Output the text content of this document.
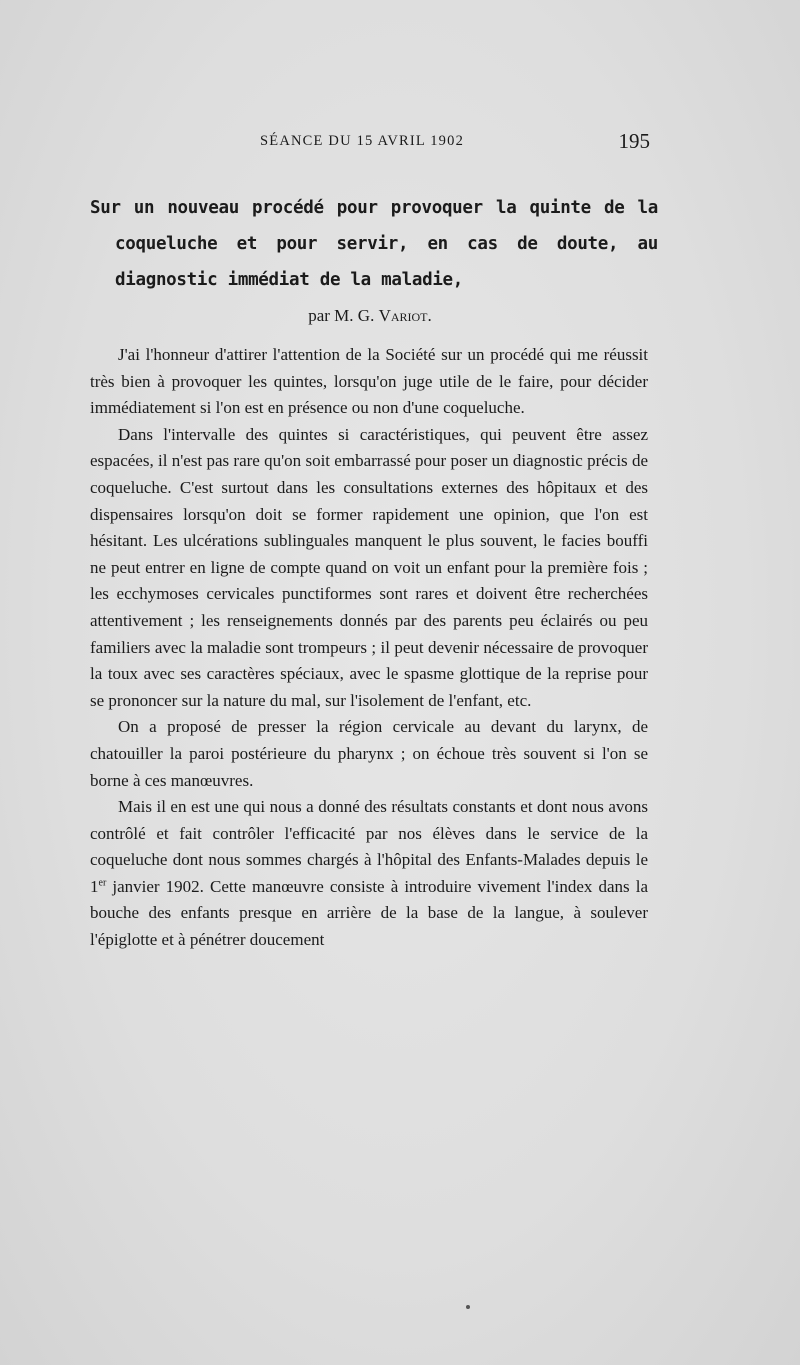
SÉANCE DU 15 AVRIL 1902	195
Sur un nouveau procédé pour provoquer la quinte de la coqueluche et pour servir, en cas de doute, au diagnostic immédiat de la maladie,
par M. G. Variot.

J'ai l'honneur d'attirer l'attention de la Société sur un procédé qui me réussit très bien à provoquer les quintes, lorsqu'on juge utile de le faire, pour décider immédiatement si l'on est en présence ou non d'une coqueluche.

Dans l'intervalle des quintes si caractéristiques, qui peuvent être assez espacées, il n'est pas rare qu'on soit embarrassé pour poser un diagnostic précis de coqueluche. C'est surtout dans les consultations externes des hôpitaux et des dispensaires lorsqu'on doit se former rapidement une opinion, que l'on est hésitant. Les ulcérations sublinguales manquent le plus souvent, le facies bouffi ne peut entrer en ligne de compte quand on voit un enfant pour la première fois ; les ecchymoses cervicales punctiformes sont rares et doivent être recherchées attentivement ; les renseignements donnés par des parents peu éclairés ou peu familiers avec la maladie sont trompeurs ; il peut devenir nécessaire de provoquer la toux avec ses caractères spéciaux, avec le spasme glottique de la reprise pour se prononcer sur la nature du mal, sur l'isolement de l'enfant, etc.

On a proposé de presser la région cervicale au devant du larynx, de chatouiller la paroi postérieure du pharynx ; on échoue très souvent si l'on se borne à ces manœuvres.

Mais il en est une qui nous a donné des résultats constants et dont nous avons contrôlé et fait contrôler l'efficacité par nos élèves dans le service de la coqueluche dont nous sommes chargés à l'hôpital des Enfants-Malades depuis le 1er janvier 1902. Cette manœuvre consiste à introduire vivement l'index dans la bouche des enfants presque en arrière de la base de la langue, à soulever l'épiglotte et à pénétrer doucement
